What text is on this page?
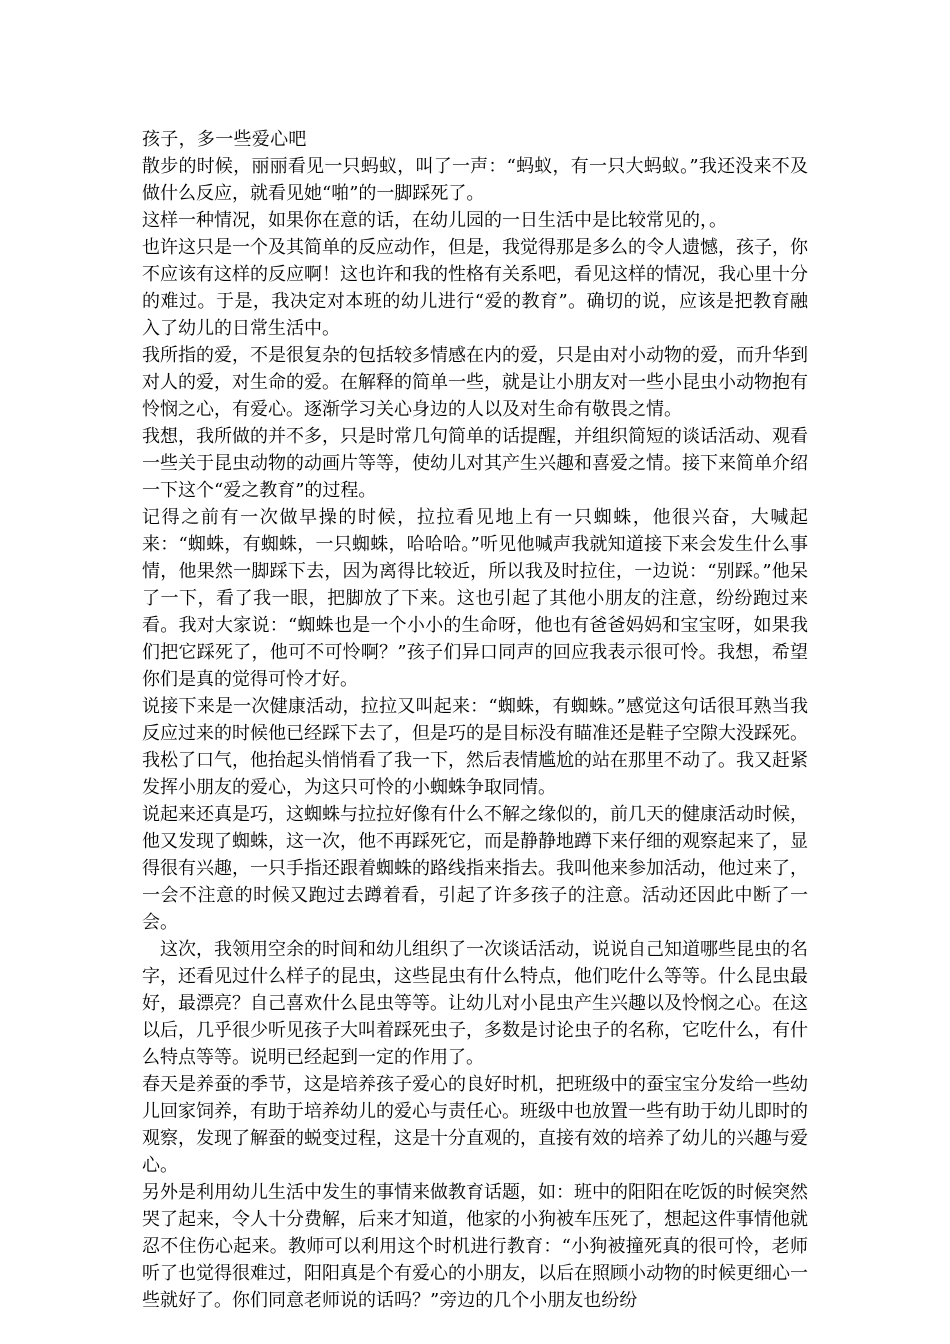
孩子，多一些爱心吧

散步的时候，丽丽看见一只蚂蚁，叫了一声：“蚂蚁，有一只大蚂蚁。”我还没来不及做什么反应，就看见她“啪”的一脚踩死了。

这样一种情况，如果你在意的话，在幼儿园的一日生活中是比较常见的，。

也许这只是一个及其简单的反应动作，但是，我觉得那是多么的令人遗憾，孩子，你不应该有这样的反应啊！这也许和我的性格有关系吧，看见这样的情况，我心里十分的难过。于是，我决定对本班的幼儿进行“爱的教育”。确切的说，应该是把教育融入了幼儿的日常生活中。

我所指的爱，不是很复杂的包括较多情感在内的爱，只是由对小动物的爱，而升华到对人的爱，对生命的爱。在解释的简单一些，就是让小朋友对一些小昆虫小动物抱有怜悯之心，有爱心。逐渐学习关心身边的人以及对生命有敬畏之情。

我想，我所做的并不多，只是时常几句简单的话提醒，并组织简短的谈话活动、观看一些关于昆虫动物的动画片等等，使幼儿对其产生兴趣和喜爱之情。接下来简单介绍一下这个“爱之教育”的过程。

记得之前有一次做早操的时候，拉拉看见地上有一只蜘蛛，他很兴奋，大喊起来：“蜘蛛，有蜘蛛，一只蜘蛛，哈哈哈。”听见他喊声我就知道接下来会发生什么事情，他果然一脚踩下去，因为离得比较近，所以我及时拉住，一边说：“别踩。”他呆了一下，看了我一眼，把脚放了下来。这也引起了其他小朋友的注意，纷纷跑过来看。我对大家说：“蜘蛛也是一个小小的生命呀，他也有爸爸妈妈和宝宝呀，如果我们把它踩死了，他可不可怜啊？”孩子们异口同声的回应我表示很可怜。我想，希望你们是真的觉得可怜才好。

说接下来是一次健康活动，拉拉又叫起来：“蜘蛛，有蜘蛛。”感觉这句话很耳熟当我反应过来的时候他已经踩下去了，但是巧的是目标没有瞄准还是鞋子空隙大没踩死。我松了口气，他抬起头悄悄看了我一下，然后表情尴尬的站在那里不动了。我又赶紧发挥小朋友的爱心，为这只可怜的小蜘蛛争取同情。

说起来还真是巧，这蜘蛛与拉拉好像有什么不解之缘似的，前几天的健康活动时候，他又发现了蜘蛛，这一次，他不再踩死它，而是静静地蹲下来仔细的观察起来了，显得很有兴趣，一只手指还跟着蜘蛛的路线指来指去。我叫他来参加活动，他过来了，一会不注意的时候又跑过去蹲着看，引起了许多孩子的注意。活动还因此中断了一会。

这次，我领用空余的时间和幼儿组织了一次谈话活动，说说自己知道哪些昆虫的名字，还看见过什么样子的昆虫，这些昆虫有什么特点，他们吃什么等等。什么昆虫最好，最漂亮？自己喜欢什么昆虫等等。让幼儿对小昆虫产生兴趣以及怜悯之心。在这以后，几乎很少听见孩子大叫着踩死虫子，多数是讨论虫子的名称，它吃什么，有什么特点等等。说明已经起到一定的作用了。

春天是养蚕的季节，这是培养孩子爱心的良好时机，把班级中的蚕宝宝分发给一些幼儿回家饲养，有助于培养幼儿的爱心与责任心。班级中也放置一些有助于幼儿即时的观察，发现了解蚕的蜕变过程，这是十分直观的，直接有效的培养了幼儿的兴趣与爱心。

另外是利用幼儿生活中发生的事情来做教育话题，如：班中的阳阳在吃饭的时候突然哭了起来，令人十分费解，后来才知道，他家的小狗被车压死了，想起这件事情他就忍不住伤心起来。教师可以利用这个时机进行教育：“小狗被撞死真的很可怜，老师听了也觉得很难过，阳阳真是个有爱心的小朋友，以后在照顾小动物的时候更细心一些就好了。你们同意老师说的话吗？”旁边的几个小朋友也纷纷
